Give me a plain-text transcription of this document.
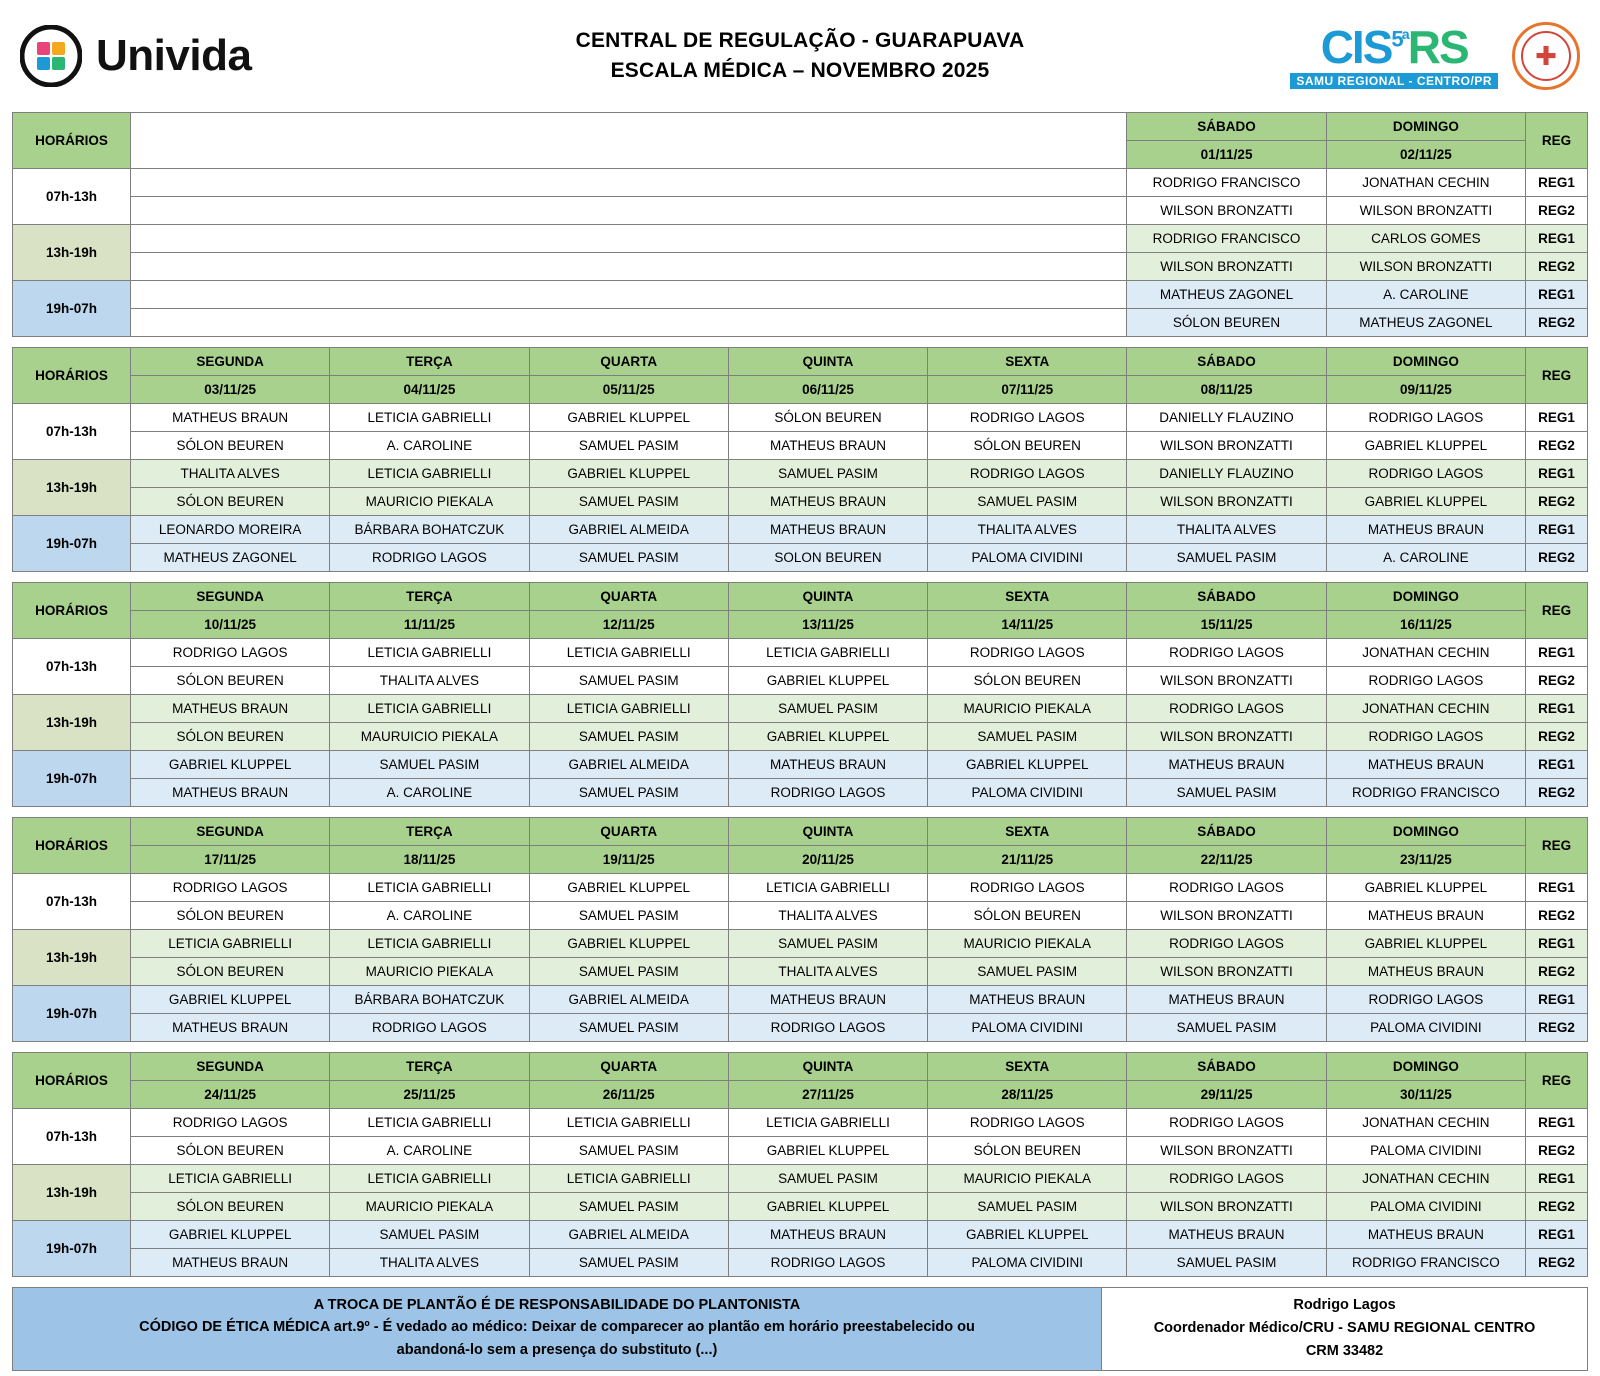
Univida	CENTRAL DE REGULAÇÃO - GUARAPUAVA
ESCALA MÉDICA – NOVEMBRO 2025	$CIS^{5ª}RS$
SAMU REGIONAL - CENTRO/PR
✚
HORÁRIOS		SÁBADO	DOMINGO	REG
		01/11/25	02/11/25	
07h-13h		RODRIGO FRANCISCO	JONATHAN CECHIN	REG1
		WILSON BRONZATTI	WILSON BRONZATTI	REG2
13h-19h		RODRIGO FRANCISCO	CARLOS GOMES	REG1
		WILSON BRONZATTI	WILSON BRONZATTI	REG2
19h-07h		MATHEUS ZAGONEL	A. CAROLINE	REG1
		SÓLON BEUREN	MATHEUS ZAGONEL	REG2
HORÁRIOS	SEGUNDA	TERÇA	QUARTA	QUINTA	SEXTA	SÁBADO	DOMINGO	REG
	03/11/25	04/11/25	05/11/25	06/11/25	07/11/25	08/11/25	09/11/25	
07h-13h	MATHEUS BRAUN	LETICIA GABRIELLI	GABRIEL KLUPPEL	SÓLON BEUREN	RODRIGO LAGOS	DANIELLY FLAUZINO	RODRIGO LAGOS	REG1
	SÓLON BEUREN	A. CAROLINE	SAMUEL PASIM	MATHEUS BRAUN	SÓLON BEUREN	WILSON BRONZATTI	GABRIEL KLUPPEL	REG2
13h-19h	THALITA ALVES	LETICIA GABRIELLI	GABRIEL KLUPPEL	SAMUEL PASIM	RODRIGO LAGOS	DANIELLY FLAUZINO	RODRIGO LAGOS	REG1
	SÓLON BEUREN	MAURICIO PIEKALA	SAMUEL PASIM	MATHEUS BRAUN	SAMUEL PASIM	WILSON BRONZATTI	GABRIEL KLUPPEL	REG2
19h-07h	LEONARDO MOREIRA	BÁRBARA BOHATCZUK	GABRIEL ALMEIDA	MATHEUS BRAUN	THALITA ALVES	THALITA ALVES	MATHEUS BRAUN	REG1
	MATHEUS ZAGONEL	RODRIGO LAGOS	SAMUEL PASIM	SOLON BEUREN	PALOMA CIVIDINI	SAMUEL PASIM	A. CAROLINE	REG2
HORÁRIOS	SEGUNDA	TERÇA	QUARTA	QUINTA	SEXTA	SÁBADO	DOMINGO	REG
	10/11/25	11/11/25	12/11/25	13/11/25	14/11/25	15/11/25	16/11/25	
07h-13h	RODRIGO LAGOS	LETICIA GABRIELLI	LETICIA GABRIELLI	LETICIA GABRIELLI	RODRIGO LAGOS	RODRIGO LAGOS	JONATHAN CECHIN	REG1
	SÓLON BEUREN	THALITA ALVES	SAMUEL PASIM	GABRIEL KLUPPEL	SÓLON BEUREN	WILSON BRONZATTI	RODRIGO LAGOS	REG2
13h-19h	MATHEUS BRAUN	LETICIA GABRIELLI	LETICIA GABRIELLI	SAMUEL PASIM	MAURICIO PIEKALA	RODRIGO LAGOS	JONATHAN CECHIN	REG1
	SÓLON BEUREN	MAURUICIO PIEKALA	SAMUEL PASIM	GABRIEL KLUPPEL	SAMUEL PASIM	WILSON BRONZATTI	RODRIGO LAGOS	REG2
19h-07h	GABRIEL KLUPPEL	SAMUEL PASIM	GABRIEL ALMEIDA	MATHEUS BRAUN	GABRIEL KLUPPEL	MATHEUS BRAUN	MATHEUS BRAUN	REG1
	MATHEUS BRAUN	A. CAROLINE	SAMUEL PASIM	RODRIGO LAGOS	PALOMA CIVIDINI	SAMUEL PASIM	RODRIGO FRANCISCO	REG2
HORÁRIOS	SEGUNDA	TERÇA	QUARTA	QUINTA	SEXTA	SÁBADO	DOMINGO	REG
	17/11/25	18/11/25	19/11/25	20/11/25	21/11/25	22/11/25	23/11/25	
07h-13h	RODRIGO LAGOS	LETICIA GABRIELLI	GABRIEL KLUPPEL	LETICIA GABRIELLI	RODRIGO LAGOS	RODRIGO LAGOS	GABRIEL KLUPPEL	REG1
	SÓLON BEUREN	A. CAROLINE	SAMUEL PASIM	THALITA ALVES	SÓLON BEUREN	WILSON BRONZATTI	MATHEUS BRAUN	REG2
13h-19h	LETICIA GABRIELLI	LETICIA GABRIELLI	GABRIEL KLUPPEL	SAMUEL PASIM	MAURICIO PIEKALA	RODRIGO LAGOS	GABRIEL KLUPPEL	REG1
	SÓLON BEUREN	MAURICIO PIEKALA	SAMUEL PASIM	THALITA ALVES	SAMUEL PASIM	WILSON BRONZATTI	MATHEUS BRAUN	REG2
19h-07h	GABRIEL KLUPPEL	BÁRBARA BOHATCZUK	GABRIEL ALMEIDA	MATHEUS BRAUN	MATHEUS BRAUN	MATHEUS BRAUN	RODRIGO LAGOS	REG1
	MATHEUS BRAUN	RODRIGO LAGOS	SAMUEL PASIM	RODRIGO LAGOS	PALOMA CIVIDINI	SAMUEL PASIM	PALOMA CIVIDINI	REG2
HORÁRIOS	SEGUNDA	TERÇA	QUARTA	QUINTA	SEXTA	SÁBADO	DOMINGO	REG
	24/11/25	25/11/25	26/11/25	27/11/25	28/11/25	29/11/25	30/11/25	
07h-13h	RODRIGO LAGOS	LETICIA GABRIELLI	LETICIA GABRIELLI	LETICIA GABRIELLI	RODRIGO LAGOS	RODRIGO LAGOS	JONATHAN CECHIN	REG1
	SÓLON BEUREN	A. CAROLINE	SAMUEL PASIM	GABRIEL KLUPPEL	SÓLON BEUREN	WILSON BRONZATTI	PALOMA CIVIDINI	REG2
13h-19h	LETICIA GABRIELLI	LETICIA GABRIELLI	LETICIA GABRIELLI	SAMUEL PASIM	MAURICIO PIEKALA	RODRIGO LAGOS	JONATHAN CECHIN	REG1
	SÓLON BEUREN	MAURICIO PIEKALA	SAMUEL PASIM	GABRIEL KLUPPEL	SAMUEL PASIM	WILSON BRONZATTI	PALOMA CIVIDINI	REG2
19h-07h	GABRIEL KLUPPEL	SAMUEL PASIM	GABRIEL ALMEIDA	MATHEUS BRAUN	GABRIEL KLUPPEL	MATHEUS BRAUN	MATHEUS BRAUN	REG1
	MATHEUS BRAUN	THALITA ALVES	SAMUEL PASIM	RODRIGO LAGOS	PALOMA CIVIDINI	SAMUEL PASIM	RODRIGO FRANCISCO	REG2
A TROCA DE PLANTÃO É DE RESPONSABILIDADE DO PLANTONISTA
CÓDIGO DE ÉTICA MÉDICA art.9º - É vedado ao médico: Deixar de comparecer ao plantão em horário preestabelecido ou
abandoná-lo sem a presença do substituto (...)
Rodrigo Lagos
Coordenador Médico/CRU - SAMU REGIONAL CENTRO
CRM 33482
